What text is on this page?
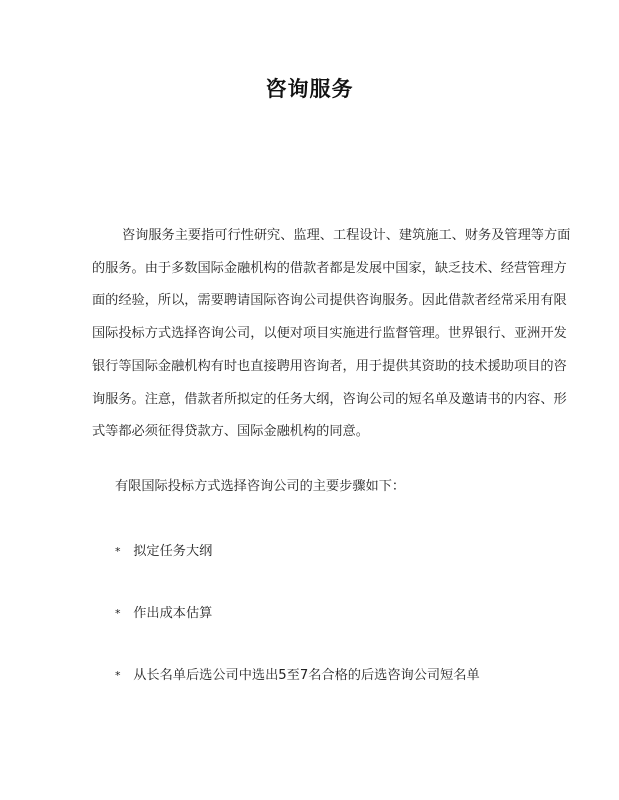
咨询服务
咨询服务主要指可行性研究、监理、工程设计、建筑施工、财务及管理等方面
的服务。由于多数国际金融机构的借款者都是发展中国家，缺乏技术、经营管理方
面的经验，所以，需要聘请国际咨询公司提供咨询服务。因此借款者经常采用有限
国际投标方式选择咨询公司，以便对项目实施进行监督管理。世界银行、亚洲开发
银行等国际金融机构有时也直接聘用咨询者，用于提供其资助的技术援助项目的咨
询服务。注意，借款者所拟定的任务大纲，咨询公司的短名单及邀请书的内容、形
式等都必须征得贷款方、国际金融机构的同意。
有限国际投标方式选择咨询公司的主要步骤如下：
* 拟定任务大纲
* 作出成本估算
* 从长名单后选公司中选出5至7名合格的后选咨询公司短名单
